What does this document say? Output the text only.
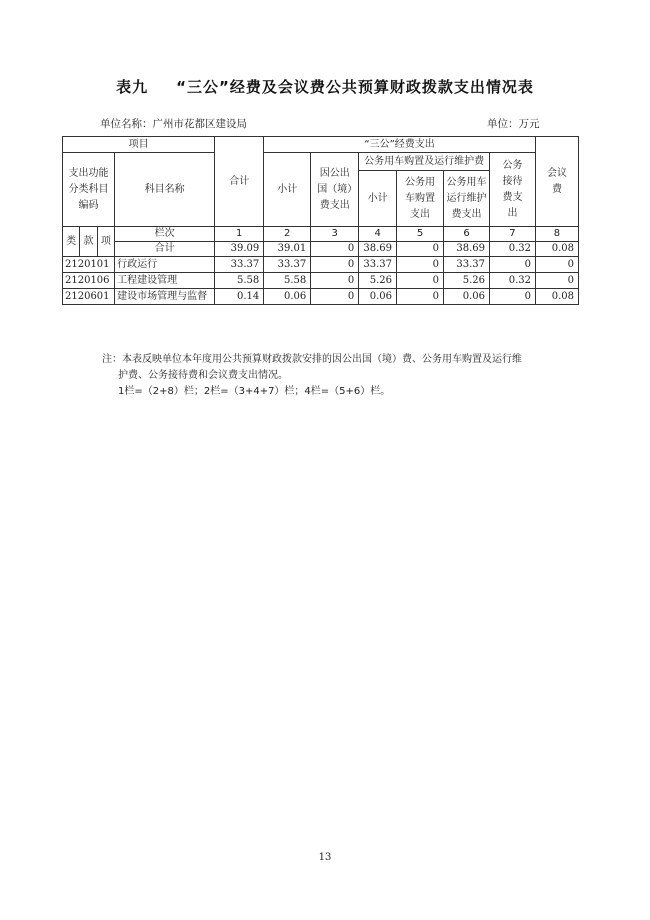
表九 “三公”经费及会议费公共预算财政拨款支出情况表
单位名称：广州市花都区建设局	单位：万元
项目				合计	“三公”经费支出						会议费
支出功能分类科目编码			科目名称		小计	因公出国（境）费支出	公务用车购置及运行维护费			公务接待费支出	
							小计	公务用车购置支出	公务用车运行维护费支出		
类	款	项	栏次	1	2	3	4	5	6	7	8
			合计	39.09	39.01	0	38.69	0	38.69	0.32	0.08
2120101			行政运行	33.37	33.37	0	33.37	0	33.37	0	0
2120106			工程建设管理	5.58	5.58	0	5.26	0	5.26	0.32	0
2120601			建设市场管理与监督	0.14	0.06	0	0.06	0	0.06	0	0.08
注：本表反映单位本年度用公共预算财政拨款安排的因公出国（境）费、公务用车购置及运行维
护费、公务接待费和会议费支出情况。
1栏=（2+8）栏；2栏=（3+4+7）栏；4栏=（5+6）栏。
13
